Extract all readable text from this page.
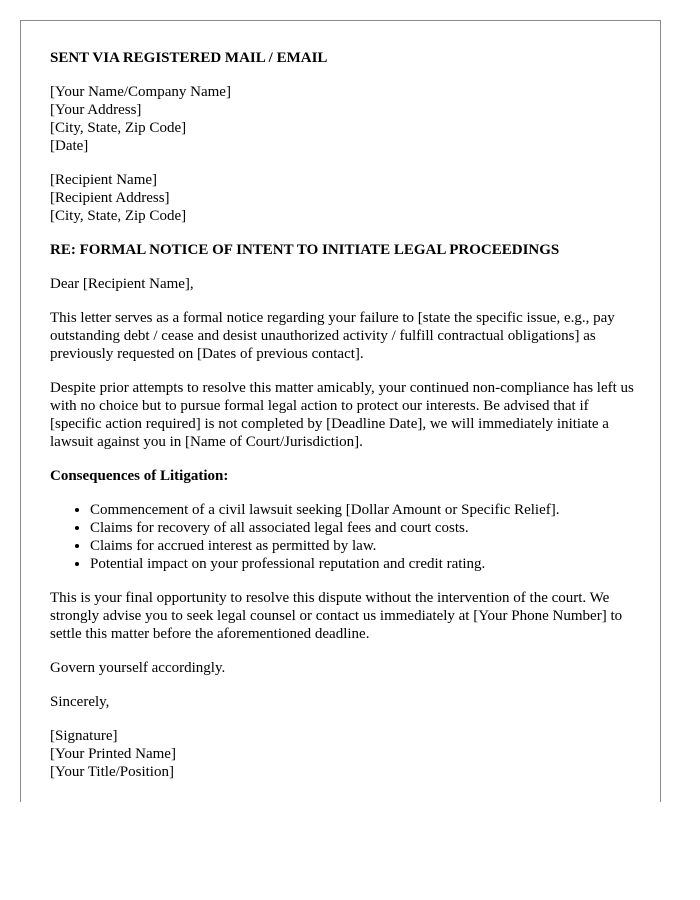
SENT VIA REGISTERED MAIL / EMAIL

[Your Name/Company Name]
[Your Address]
[City, State, Zip Code]
[Date]

[Recipient Name]
[Recipient Address]
[City, State, Zip Code]

RE: FORMAL NOTICE OF INTENT TO INITIATE LEGAL PROCEEDINGS

Dear [Recipient Name],

This letter serves as a formal notice regarding your failure to [state the specific issue, e.g., pay outstanding debt / cease and desist unauthorized activity / fulfill contractual obligations] as previously requested on [Dates of previous contact].

Despite prior attempts to resolve this matter amicably, your continued non-compliance has left us with no choice but to pursue formal legal action to protect our interests. Be advised that if [specific action required] is not completed by [Deadline Date], we will immediately initiate a lawsuit against you in [Name of Court/Jurisdiction].

Consequences of Litigation:

• Commencement of a civil lawsuit seeking [Dollar Amount or Specific Relief].
• Claims for recovery of all associated legal fees and court costs.
• Claims for accrued interest as permitted by law.
• Potential impact on your professional reputation and credit rating.

This is your final opportunity to resolve this dispute without the intervention of the court. We strongly advise you to seek legal counsel or contact us immediately at [Your Phone Number] to settle this matter before the aforementioned deadline.

Govern yourself accordingly.

Sincerely,

[Signature]
[Your Printed Name]
[Your Title/Position]
